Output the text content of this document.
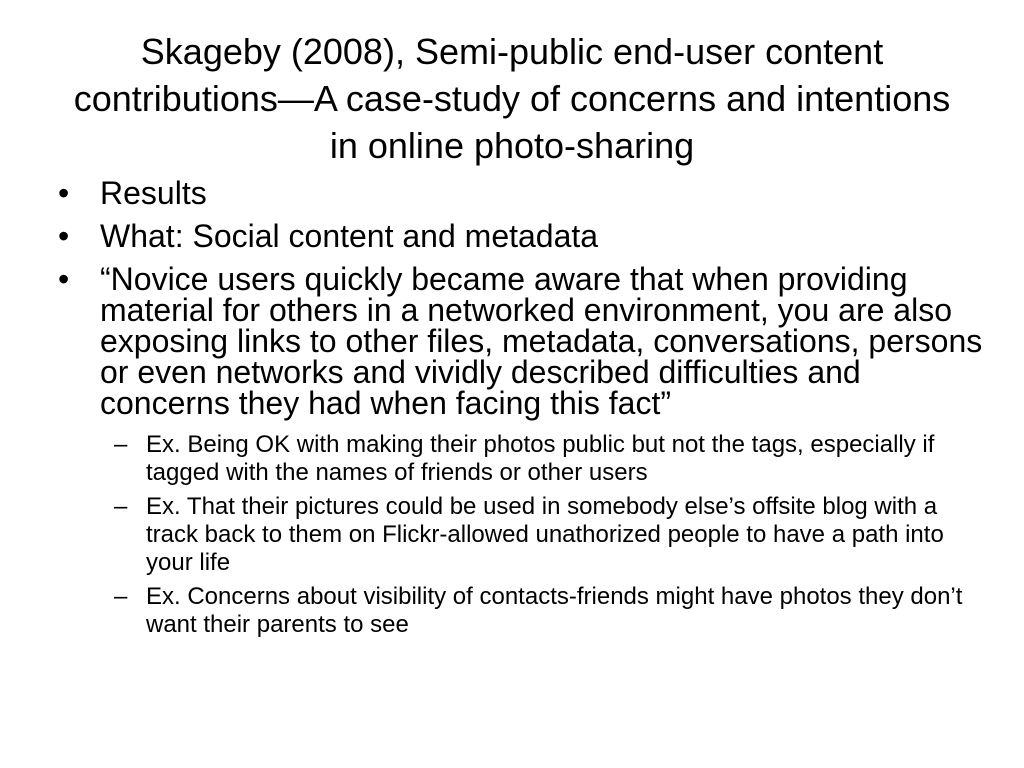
Skageby (2008), Semi-public end-user content contributions—A case-study of concerns and intentions in online photo-sharing
• Results
• What: Social content and metadata
• “Novice users quickly became aware that when providing material for others in a networked environment, you are also exposing links to other files, metadata, conversations, persons or even networks and vividly described difficulties and concerns they had when facing this fact”
– Ex. Being OK with making their photos public but not the tags, especially if tagged with the names of friends or other users
– Ex. That their pictures could be used in somebody else’s offsite blog with a track back to them on Flickr-allowed unathorized people to have a path into your life
– Ex. Concerns about visibility of contacts-friends might have photos they don’t want their parents to see
